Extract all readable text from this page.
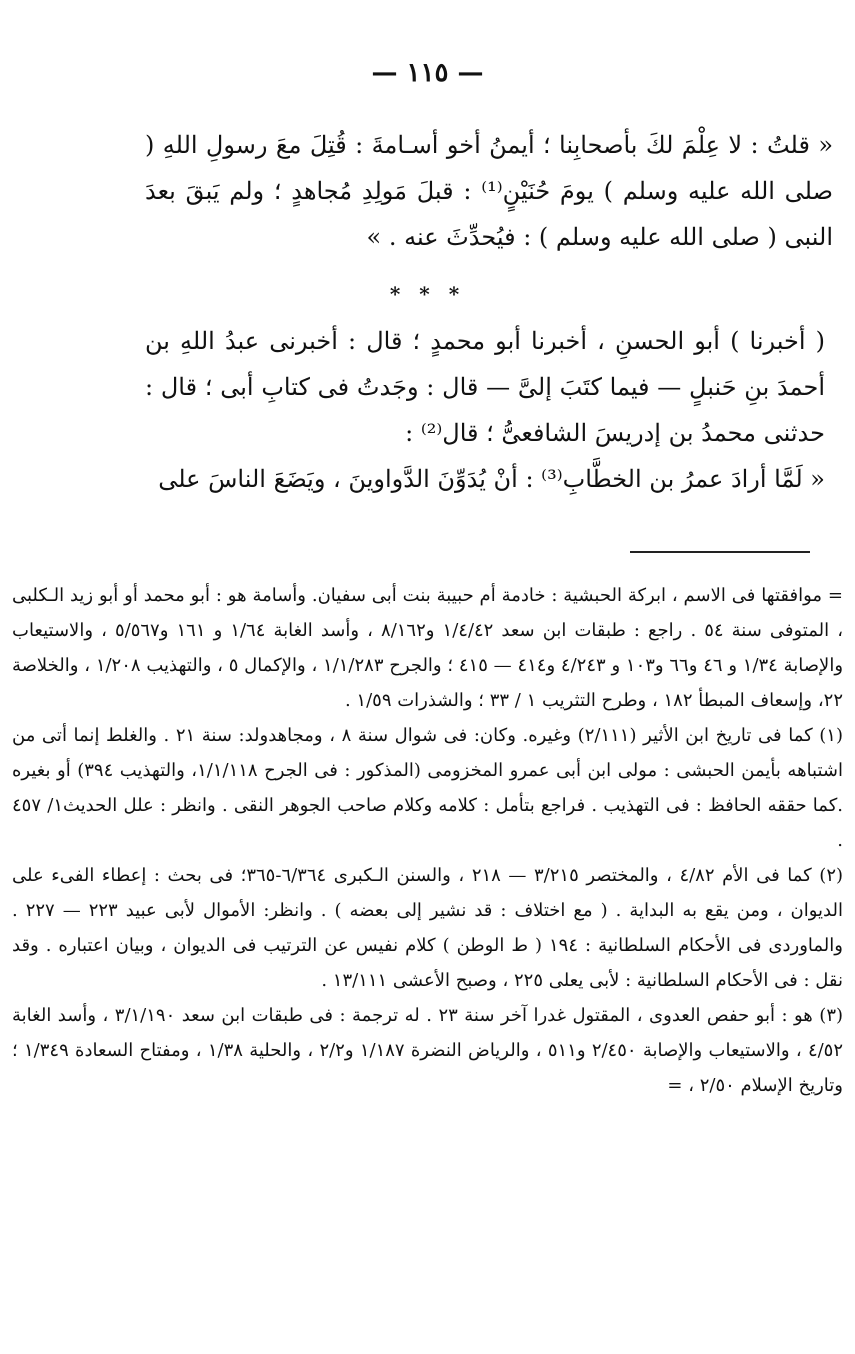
— ١١٥ —

« قلتُ : لا عِلْمَ لكَ بأصحابِنا ؛ أيمنُ أخو أسـامةَ : قُتِلَ معَ رسولِ اللهِ ( صلى الله عليه وسلم ) يومَ حُنَيْنٍ⁽¹⁾ : قبلَ مَولِدِ مُجاهدٍ ؛ ولم يَبقَ بعدَ النبى ( صلى الله عليه وسلم ) : فيُحدِّثَ عنه . »

* * *

( أخبرنا ) أبو الحسنِ ، أخبرنا أبو محمدٍ ؛ قال : أخبرنى عبدُ اللهِ بن أحمدَ بنِ حَنبلٍ — فيما كتَبَ إلىَّ — قال : وجَدتُ فى كتابِ أبى ؛ قال : حدثنى محمدُ بن إدريسَ الشافعىُّ ؛ قال⁽²⁾ :

« لَمَّا أرادَ عمرُ بن الخطَّابِ⁽³⁾ : أنْ يُدَوِّنَ الدَّواوينَ ، ويَضَعَ الناسَ على

= موافقتها فى الاسم ، ابركة الحبشية : خادمة أم حبيبة بنت أبى سفيان. وأسامة هو : أبو محمد أو أبو زيد الـكلبى ، المتوفى سنة ٥٤ . راجع : طبقات ابن سعد ١/٤/٤٢ و٨/١٦٢ ، وأسد الغابة ١/٦٤ و ١٦١ و٥/٥٦٧ ، والاستيعاب والإصابة ١/٣٤ و ٤٦ و٦٦ و١٠٣ و ٤/٢٤٣ و٤١٤ — ٤١٥ ؛ والجرح ١/١/٢٨٣ ، والإكمال ٥ ، والتهذيب ١/٢٠٨ ، والخلاصة ٢٢، وإسعاف المبطأ ١٨٢ ، وطرح التثريب ١ / ٣٣ ؛ والشذرات ١/٥٩ .

(١) كما فى تاريخ ابن الأثير (٢/١١١) وغيره. وكان: فى شوال سنة ٨ ، ومجاهدولد: سنة ٢١ . والغلط إنما أتى من اشتباهه بأيمن الحبشى : مولى ابن أبى عمرو المخزومى (المذكور : فى الجرح ١/١/١١٨، والتهذيب ٣٩٤) أو بغيره .كما حققه الحافظ : فى التهذيب . فراجع بتأمل : كلامه وكلام صاحب الجوهر النقى . وانظر : علل الحديث١/ ٤٥٧ .

(٢) كما فى الأم ٤/٨٢ ، والمختصر ٣/٢١٥ — ٢١٨ ، والسنن الـكبرى ٦/٣٦٤-٣٦٥؛ فى بحث : إعطاء الفىء على الديوان ، ومن يقع به البداية . ( مع اختلاف : قد نشير إلى بعضه ) . وانظر: الأموال لأبى عبيد ٢٢٣ — ٢٢٧ . والماوردى فى الأحكام السلطانية : ١٩٤ ( ط الوطن ) كلام نفيس عن الترتيب فى الديوان ، وبيان اعتباره . وقد نقل : فى الأحكام السلطانية : لأبى يعلى ٢٢٥ ، وصبح الأعشى ١٣/١١١ .

(٣) هو : أبو حفص العدوى ، المقتول غدرا آخر سنة ٢٣ . له ترجمة : فى طبقات ابن سعد ٣/١/١٩٠ ، وأسد الغابة ٤/٥٢ ، والاستيعاب والإصابة ٢/٤٥٠ و٥١١ ، والرياض النضرة ١/١٨٧ و٢/٢ ، والحلية ١/٣٨ ، ومفتاح السعادة ١/٣٤٩ ؛ وتاريخ الإسلام ٢/٥٠ ، =
